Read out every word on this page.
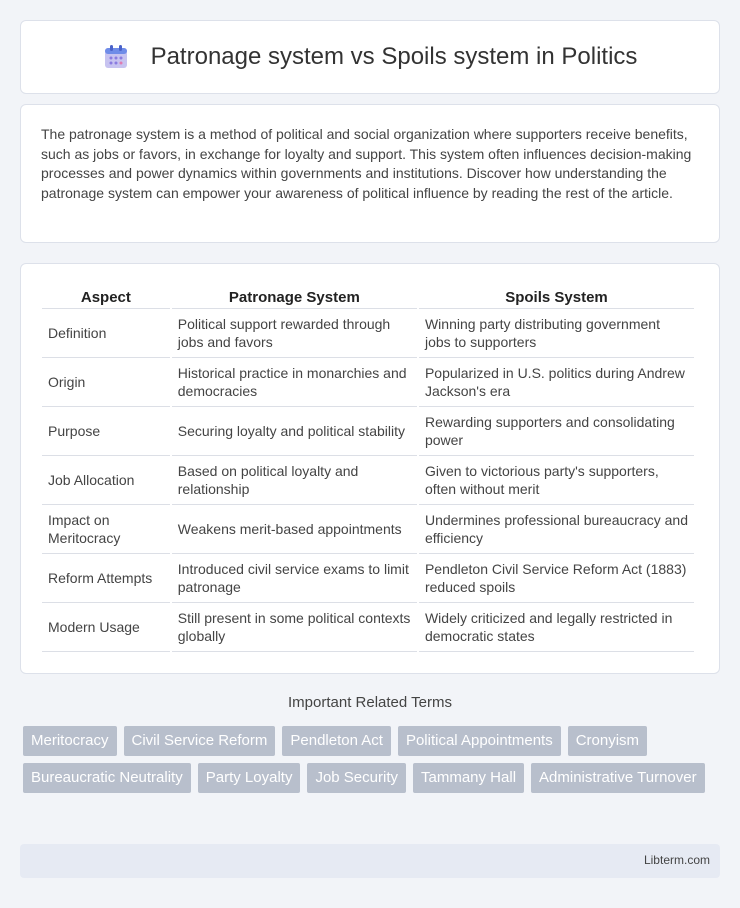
Patronage system vs Spoils system in Politics

The patronage system is a method of political and social organization where supporters receive benefits, such as jobs or favors, in exchange for loyalty and support. This system often influences decision-making processes and power dynamics within governments and institutions. Discover how understanding the patronage system can empower your awareness of political influence by reading the rest of the article.

Aspect	Patronage System	Spoils System
Definition	Political support rewarded through jobs and favors	Winning party distributing government jobs to supporters
Origin	Historical practice in monarchies and democracies	Popularized in U.S. politics during Andrew Jackson's era
Purpose	Securing loyalty and political stability	Rewarding supporters and consolidating power
Job Allocation	Based on political loyalty and relationship	Given to victorious party's supporters, often without merit
Impact on Meritocracy	Weakens merit-based appointments	Undermines professional bureaucracy and efficiency
Reform Attempts	Introduced civil service exams to limit patronage	Pendleton Civil Service Reform Act (1883) reduced spoils
Modern Usage	Still present in some political contexts globally	Widely criticized and legally restricted in democratic states
Important Related Terms
Meritocracy	Civil Service Reform	Pendleton Act	Political Appointments	Cronyism
Bureaucratic Neutrality	Party Loyalty	Job Security	Tammany Hall	Administrative Turnover
Libterm.com
